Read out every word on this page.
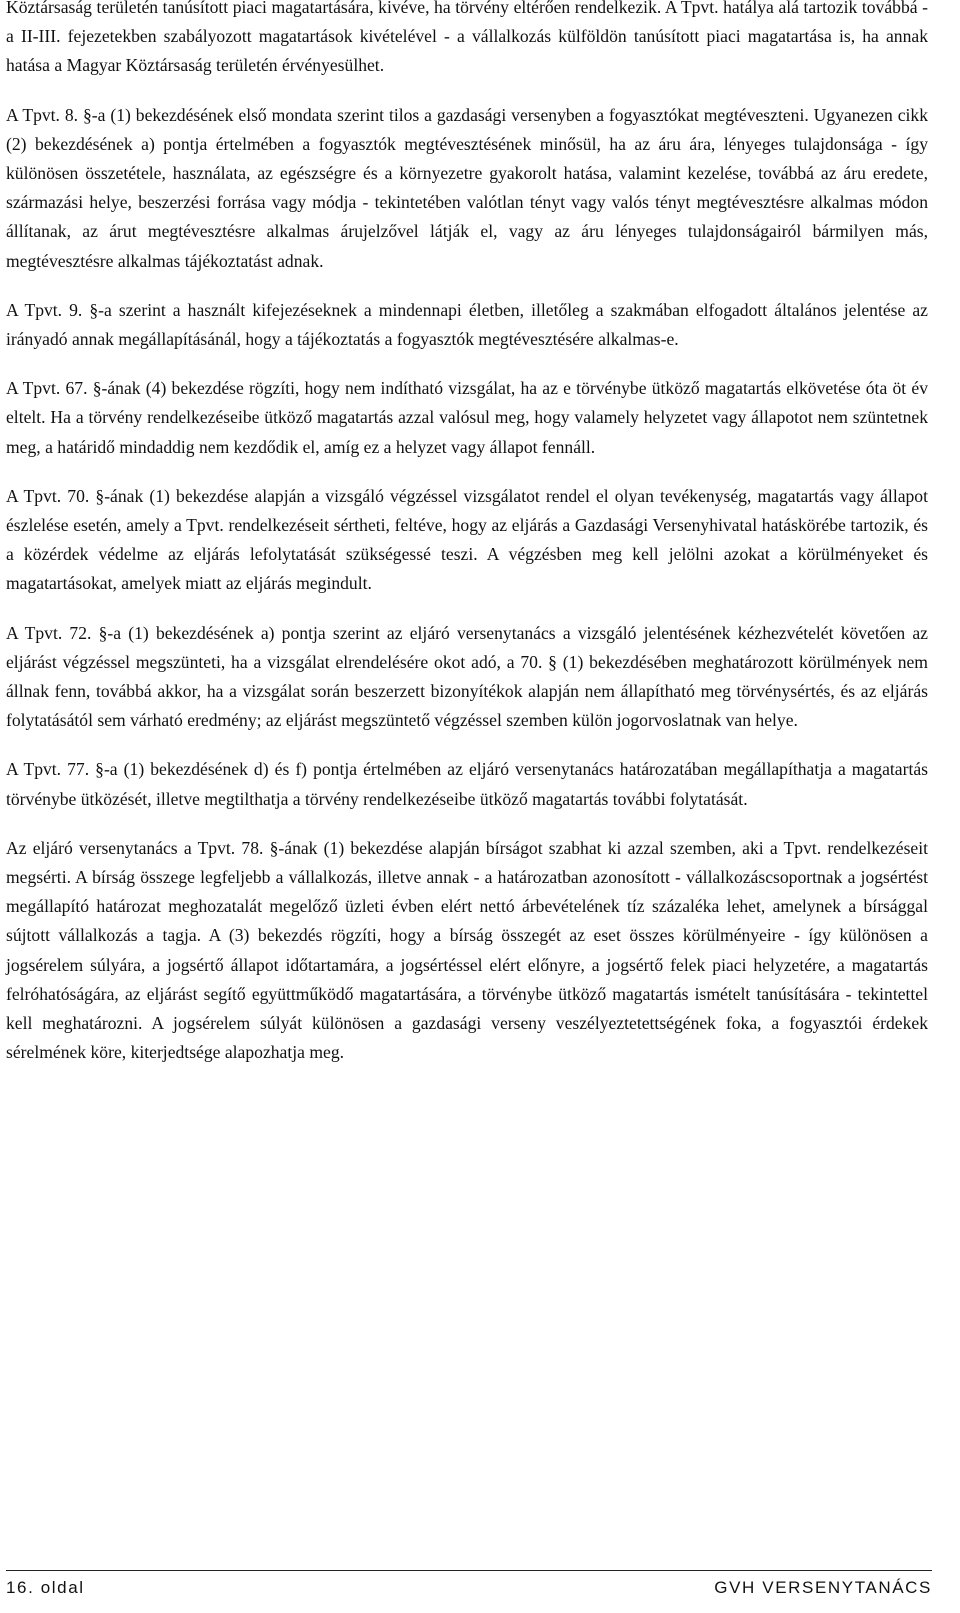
Köztársaság területén tanúsított piaci magatartására, kivéve, ha törvény eltérően rendelkezik. A Tpvt. hatálya alá tartozik továbbá - a II-III. fejezetekben szabályozott magatartások kivételével - a vállalkozás külföldön tanúsított piaci magatartása is, ha annak hatása a Magyar Köztársaság területén érvényesülhet.

A Tpvt. 8. §-a (1) bekezdésének első mondata szerint tilos a gazdasági versenyben a fogyasztókat megtéveszteni. Ugyanezen cikk (2) bekezdésének a) pontja értelmében a fogyasztók megtévesztésének minősül, ha az áru ára, lényeges tulajdonsága - így különösen összetétele, használata, az egészségre és a környezetre gyakorolt hatása, valamint kezelése, továbbá az áru eredete, származási helye, beszerzési forrása vagy módja - tekintetében valótlan tényt vagy valós tényt megtévesztésre alkalmas módon állítanak, az árut megtévesztésre alkalmas árujelzővel látják el, vagy az áru lényeges tulajdonságairól bármilyen más, megtévesztésre alkalmas tájékoztatást adnak.

A Tpvt. 9. §-a szerint a használt kifejezéseknek a mindennapi életben, illetőleg a szakmában elfogadott általános jelentése az irányadó annak megállapításánál, hogy a tájékoztatás a fogyasztók megtévesztésére alkalmas-e.

A Tpvt. 67. §-ának (4) bekezdése rögzíti, hogy nem indítható vizsgálat, ha az e törvénybe ütköző magatartás elkövetése óta öt év eltelt. Ha a törvény rendelkezéseibe ütköző magatartás azzal valósul meg, hogy valamely helyzetet vagy állapotot nem szüntetnek meg, a határidő mindaddig nem kezdődik el, amíg ez a helyzet vagy állapot fennáll.

A Tpvt. 70. §-ának (1) bekezdése alapján a vizsgáló végzéssel vizsgálatot rendel el olyan tevékenység, magatartás vagy állapot észlelése esetén, amely a Tpvt. rendelkezéseit sértheti, feltéve, hogy az eljárás a Gazdasági Versenyhivatal hatáskörébe tartozik, és a közérdek védelme az eljárás lefolytatását szükségessé teszi. A végzésben meg kell jelölni azokat a körülményeket és magatartásokat, amelyek miatt az eljárás megindult.

A Tpvt. 72. §-a (1) bekezdésének a) pontja szerint az eljáró versenytanács a vizsgáló jelentésének kézhezvételét követően az eljárást végzéssel megszünteti, ha a vizsgálat elrendelésére okot adó, a 70. § (1) bekezdésében meghatározott körülmények nem állnak fenn, továbbá akkor, ha a vizsgálat során beszerzett bizonyítékok alapján nem állapítható meg törvénysértés, és az eljárás folytatásától sem várható eredmény; az eljárást megszüntető végzéssel szemben külön jogorvoslatnak van helye.

A Tpvt. 77. §-a (1) bekezdésének d) és f) pontja értelmében az eljáró versenytanács határozatában megállapíthatja a magatartás törvénybe ütközését, illetve megtilthatja a törvény rendelkezéseibe ütköző magatartás további folytatását.

Az eljáró versenytanács a Tpvt. 78. §-ának (1) bekezdése alapján bírságot szabhat ki azzal szemben, aki a Tpvt. rendelkezéseit megsérti. A bírság összege legfeljebb a vállalkozás, illetve annak - a határozatban azonosított - vállalkozáscsoportnak a jogsértést megállapító határozat meghozatalát megelőző üzleti évben elért nettó árbevételének tíz százaléka lehet, amelynek a bírsággal sújtott vállalkozás a tagja. A (3) bekezdés rögzíti, hogy a bírság összegét az eset összes körülményeire - így különösen a jogsérelem súlyára, a jogsértő állapot időtartamára, a jogsértéssel elért előnyre, a jogsértő felek piaci helyzetére, a magatartás felróhatóságára, az eljárást segítő együttműködő magatartására, a törvénybe ütköző magatartás ismételt tanúsítására - tekintettel kell meghatározni. A jogsérelem súlyát különösen a gazdasági verseny veszélyeztetettségének foka, a fogyasztói érdekek sérelmének köre, kiterjedtsége alapozhatja meg.

16. oldal	GVH VERSENYTANÁCS
